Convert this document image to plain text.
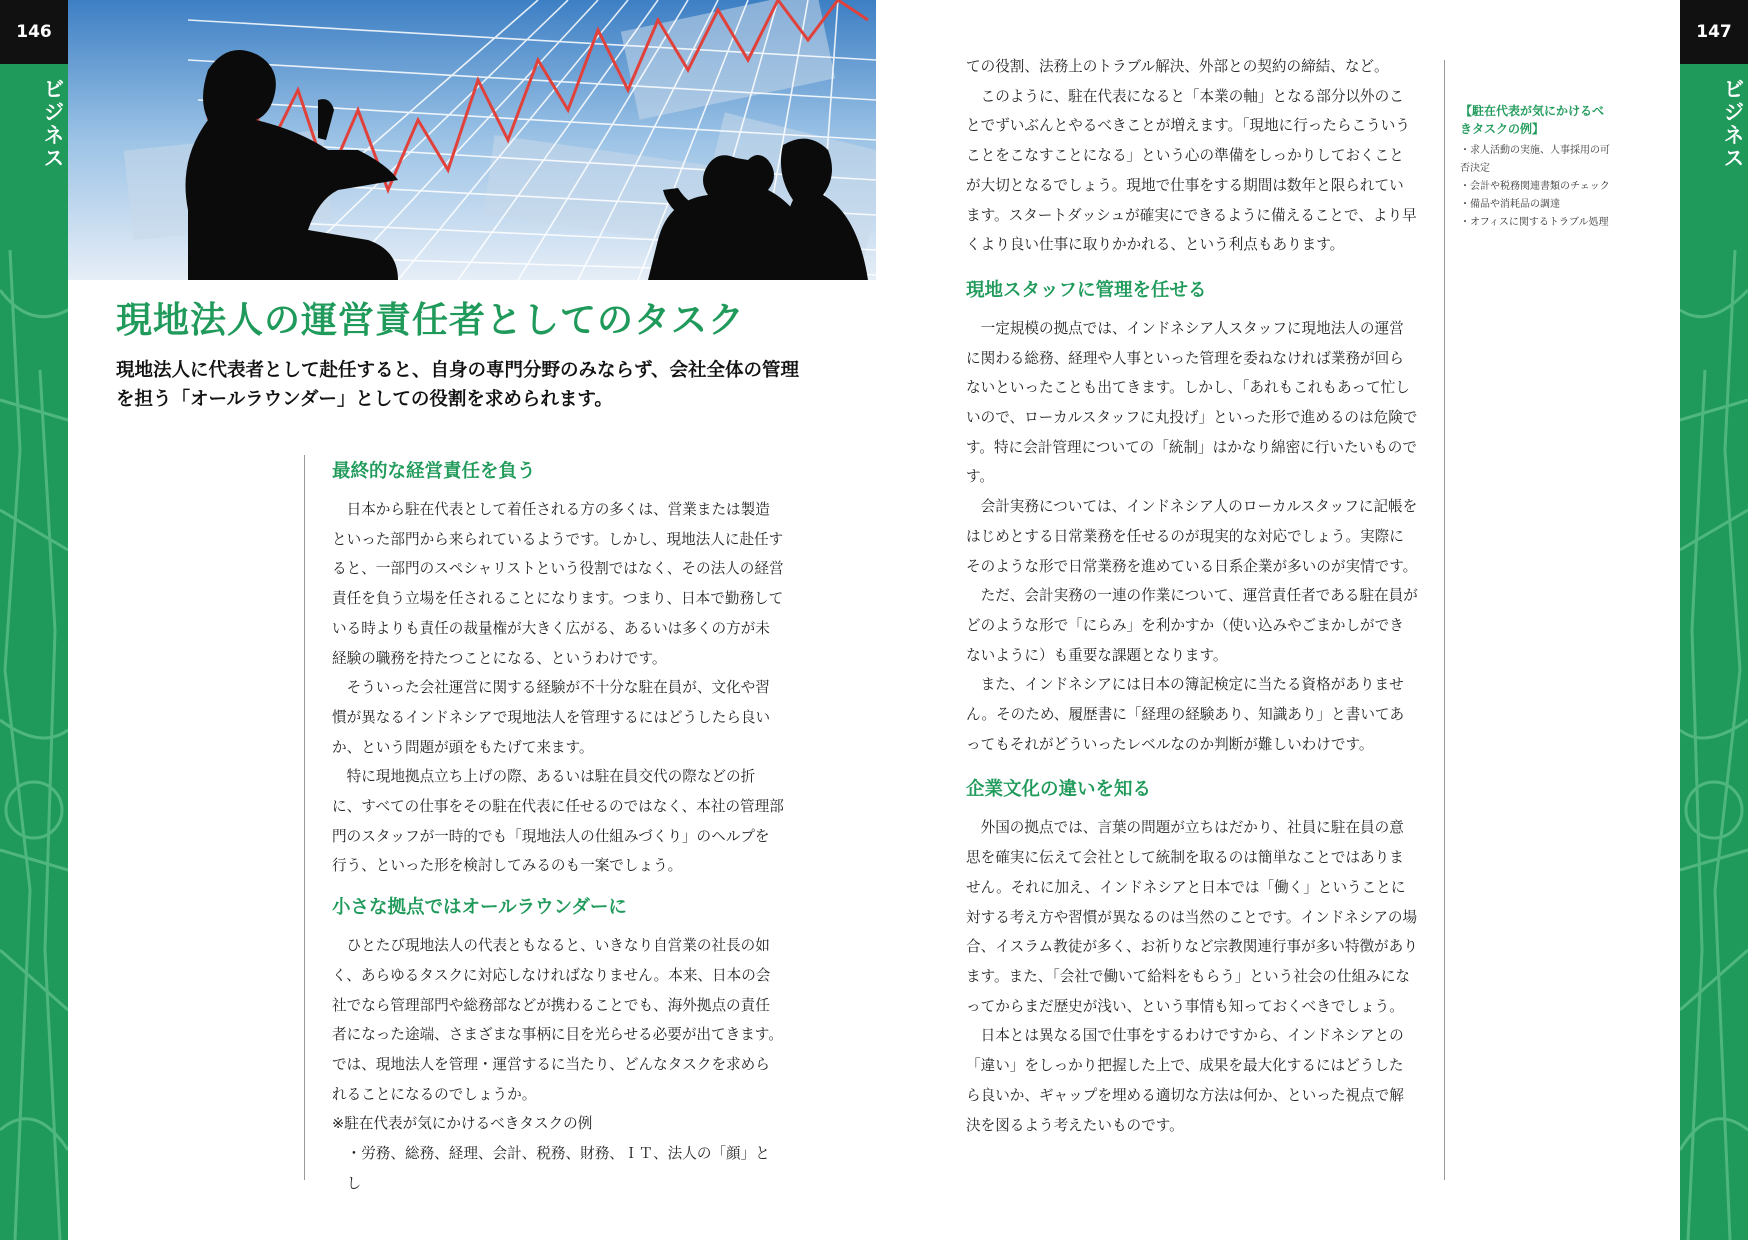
146
ビジネス
147
ビジネス
現地法人の運営責任者としてのタスク

現地法人に代表者として赴任すると、自身の専門分野のみならず、会社全体の管理を担う「オールラウンダー」としての役割を求められます。

最終的な経営責任を負う

日本から駐在代表として着任される方の多くは、営業または製造といった部門から来られているようです。しかし、現地法人に赴任すると、一部門のスペシャリストという役割ではなく、その法人の経営責任を負う立場を任されることになります。つまり、日本で勤務している時よりも責任の裁量権が大きく広がる、あるいは多くの方が未経験の職務を持たつことになる、というわけです。

そういった会社運営に関する経験が不十分な駐在員が、文化や習慣が異なるインドネシアで現地法人を管理するにはどうしたら良いか、という問題が頭をもたげて来ます。

特に現地拠点立ち上げの際、あるいは駐在員交代の際などの折に、すべての仕事をその駐在代表に任せるのではなく、本社の管理部門のスタッフが一時的でも「現地法人の仕組みづくり」のヘルプを行う、といった形を検討してみるのも一案でしょう。

小さな拠点ではオールラウンダーに

ひとたび現地法人の代表ともなると、いきなり自営業の社長の如く、あらゆるタスクに対応しなければなりません。本来、日本の会社でなら管理部門や総務部などが携わることでも、海外拠点の責任者になった途端、さまざまな事柄に目を光らせる必要が出てきます。では、現地法人を管理・運営するに当たり、どんなタスクを求められることになるのでしょうか。

※駐在代表が気にかけるべきタスクの例

・労務、総務、経理、会計、税務、財務、ＩＴ、法人の「顔」とし

ての役割、法務上のトラブル解決、外部との契約の締結、など。

このように、駐在代表になると「本業の軸」となる部分以外のことでずいぶんとやるべきことが増えます。「現地に行ったらこういうことをこなすことになる」という心の準備をしっかりしておくことが大切となるでしょう。現地で仕事をする期間は数年と限られています。スタートダッシュが確実にできるように備えることで、より早くより良い仕事に取りかかれる、という利点もあります。

現地スタッフに管理を任せる

一定規模の拠点では、インドネシア人スタッフに現地法人の運営に関わる総務、経理や人事といった管理を委ねなければ業務が回らないといったことも出てきます。しかし、「あれもこれもあって忙しいので、ローカルスタッフに丸投げ」といった形で進めるのは危険です。特に会計管理についての「統制」はかなり綿密に行いたいものです。

会計実務については、インドネシア人のローカルスタッフに記帳をはじめとする日常業務を任せるのが現実的な対応でしょう。実際にそのような形で日常業務を進めている日系企業が多いのが実情です。

ただ、会計実務の一連の作業について、運営責任者である駐在員がどのような形で「にらみ」を利かすか（使い込みやごまかしができないように）も重要な課題となります。

また、インドネシアには日本の簿記検定に当たる資格がありません。そのため、履歴書に「経理の経験あり、知識あり」と書いてあってもそれがどういったレベルなのか判断が難しいわけです。

企業文化の違いを知る

外国の拠点では、言葉の問題が立ちはだかり、社員に駐在員の意思を確実に伝えて会社として統制を取るのは簡単なことではありません。それに加え、インドネシアと日本では「働く」ということに対する考え方や習慣が異なるのは当然のことです。インドネシアの場合、イスラム教徒が多く、お祈りなど宗教関連行事が多い特徴があります。また、「会社で働いて給料をもらう」という社会の仕組みになってからまだ歴史が浅い、という事情も知っておくべきでしょう。

日本とは異なる国で仕事をするわけですから、インドネシアとの「違い」をしっかり把握した上で、成果を最大化するにはどうしたら良いか、ギャップを埋める適切な方法は何か、といった視点で解決を図るよう考えたいものです。

【駐在代表が気にかけるべきタスクの例】

・求人活動の実施、人事採用の可否決定

・会計や税務関連書類のチェック

・備品や消耗品の調達

・オフィスに関するトラブル処理
